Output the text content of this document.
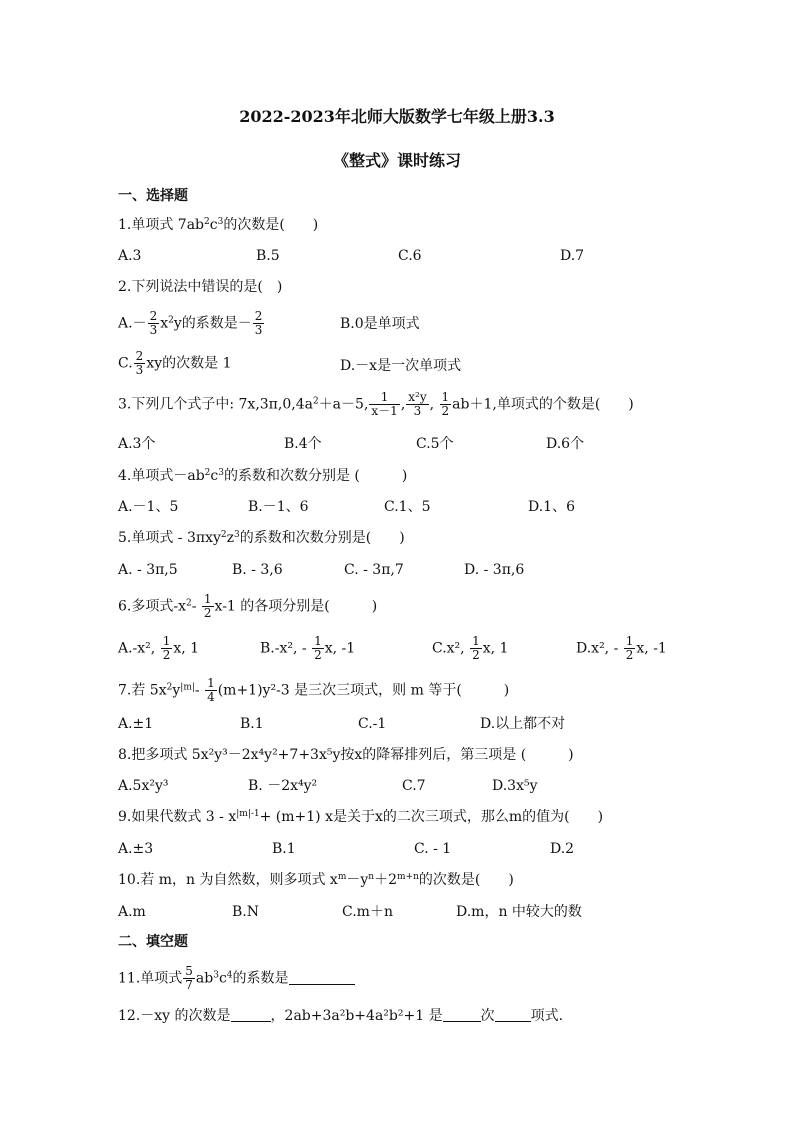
2022-2023年北师大版数学七年级上册3.3
《整式》课时练习
一、选择题
1.单项式 $7ab^2c^3$的次数是(　　)
A.3	B.5	C.6	D.7
2.下列说法中错误的是(　)
$A.- \frac{2}{3} x^2y$的系数是－ $\frac{2}{3}$	B.0是单项式
C. $\frac{2}{3}$ xy的次数是 1	D.－x是一次单项式
3.下列几个式子中: $7x,3\pi,0,4a^2+a-5$, $\frac{1}{x-1}$ , $\frac{\text{x²y}}{3}$ , $\frac{1}{2} ab+1$,单项式的个数是(　　)
A.3个	B.4个	C.5个	D.6个
4.单项式$-ab^2c^3$的系数和次数分别是 (　　　)
A.－1、5	B.－1、6	C.1、5	D.1、6
5.单项式 - $3\pi xy^2z^3$的系数和次数分别是(　　)
A. - 3π,5	B. - 3,6	C. - 3π,7	D. - 3π,6
6.多项式$-x^2- \frac{1}{2} x-1$ 的各项分别是(　　　)
A.-x², $\frac{1}{2} x$, 1	B.-x², - $\frac{1}{2} x$, -1	C.x², $\frac{1}{2} x$, 1	D.x², - $\frac{1}{2} x$, -1
7.若 $5x^2y^{|m|}- \frac{1}{4} (m+1)y^2-3$ 是三次三项式，则 m 等于(　　　)
A.±1	B.1	C.-1	D.以上都不对
8.把多项式 5x²y³－2x⁴y²+7+3x⁵y按x的降幂排列后，第三项是 (　　　)
A.5x²y³	B. －2x⁴y²	C.7	D.3x⁵y
9.如果代数式 $3 - x^{|m|-1}+ (m+1)$ x是关于x的二次三项式，那么m的值为(　　)
A.±3	B.1	C. - 1	D.2
10.若 m，n 为自然数，则多项式 $x^m-y^n+2^{m+n}$的次数是(　　)
A.m	B.N	C.m＋n	D.m，n 中较大的数
二、填空题
11.单项式 $\frac{5}{7} ab^3c^4$的系数是
12.－xy 的次数是	，2ab+3a²b+4a²b²+1 是	次	项式.
